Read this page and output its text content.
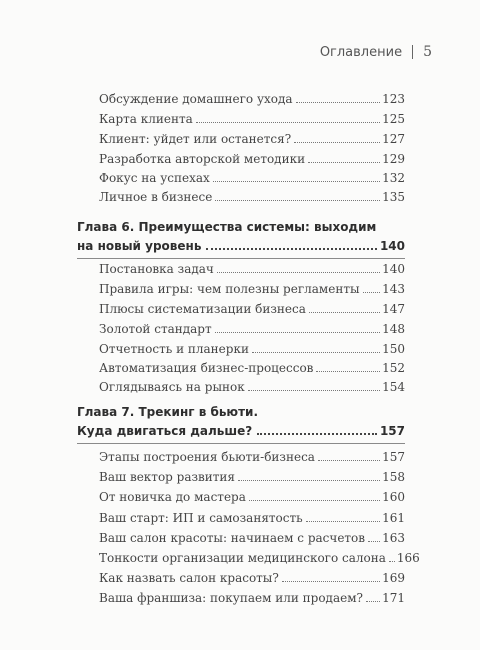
Оглавление 5
Обсуждение домашнего ухода	123
Карта клиента	125
Клиент: уйдет или останется?	127
Разработка авторской методики	129
Фокус на успехах	132
Личное в бизнесе	135
Глава 6. Преимущества системы: выходим
на новый уровень	140
Постановка задач	140
Правила игры: чем полезны регламенты 143
Плюсы систематизации бизнеса	147
Золотой стандарт	148
Отчетность и планерки	150
Автоматизация бизнес-процессов	152
Оглядываясь на рынок	154
Глава 7. Трекинг в бьюти.
Куда двигаться дальше?	157
Этапы построения бьюти-бизнеса	157
Ваш вектор развития	158
От новичка до мастера	160
Ваш старт: ИП и самозанятость	161
Ваш салон красоты: начинаем с расчетов 163
Тонкости организации медицинского салона 166
Как назвать салон красоты?	169
Ваша франшиза: покупаем или продаем? 171
